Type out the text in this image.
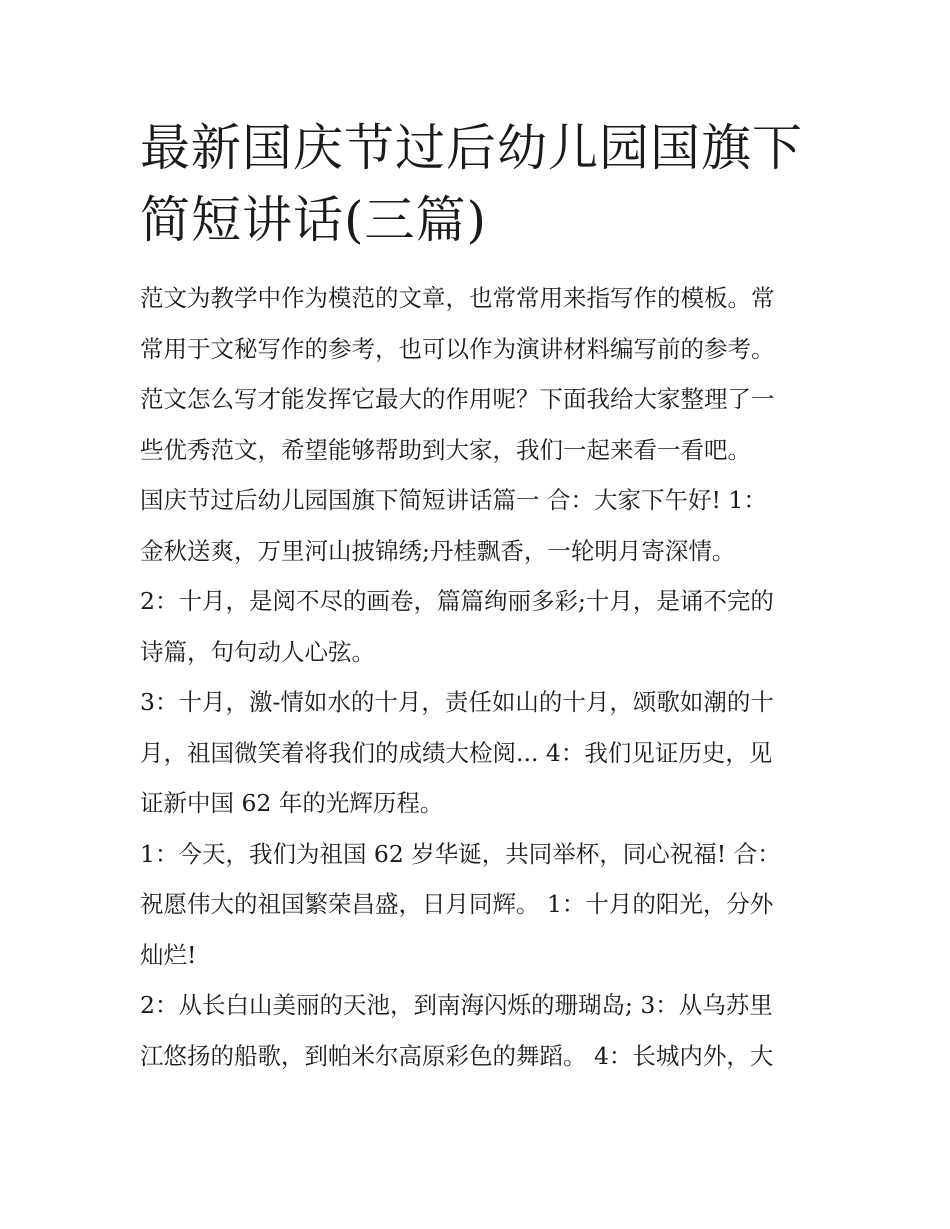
最新国庆节过后幼儿园国旗下
简短讲话(三篇)
范文为教学中作为模范的文章，也常常用来指写作的模板。常
常用于文秘写作的参考，也可以作为演讲材料编写前的参考。
范文怎么写才能发挥它最大的作用呢？下面我给大家整理了一
些优秀范文，希望能够帮助到大家，我们一起来看一看吧。
国庆节过后幼儿园国旗下简短讲话篇一 合：大家下午好! 1：
金秋送爽，万里河山披锦绣;丹桂飘香，一轮明月寄深情。
2：十月，是阅不尽的画卷，篇篇绚丽多彩;十月，是诵不完的
诗篇，句句动人心弦。
3：十月，激-情如水的十月，责任如山的十月，颂歌如潮的十
月，祖国微笑着将我们的成绩大检阅... 4：我们见证历史，见
证新中国 62 年的光辉历程。
1：今天，我们为祖国 62 岁华诞，共同举杯，同心祝福! 合：
祝愿伟大的祖国繁荣昌盛，日月同辉。 1：十月的阳光，分外
灿烂!
2：从长白山美丽的天池，到南海闪烁的珊瑚岛; 3：从乌苏里
江悠扬的船歌，到帕米尔高原彩色的舞蹈。 4：长城内外，大
